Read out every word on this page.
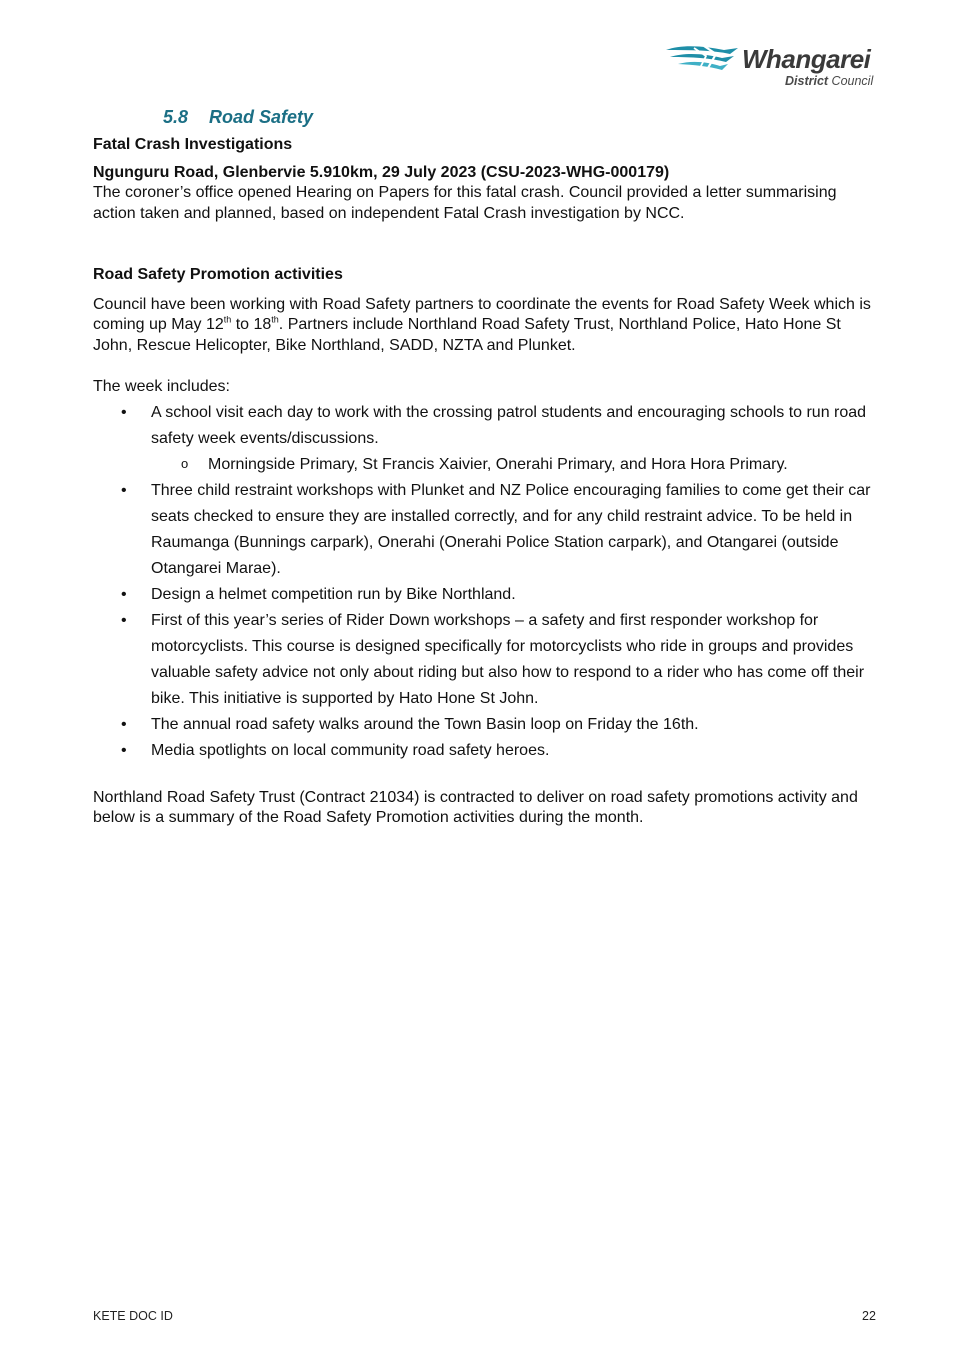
Whangarei
District Council
5.8 Road Safety
Fatal Crash Investigations

Ngunguru Road, Glenbervie 5.910km, 29 July 2023 (CSU-2023-WHG-000179)

The coroner’s office opened Hearing on Papers for this fatal crash. Council provided a letter summarising action taken and planned, based on independent Fatal Crash investigation by NCC.

Road Safety Promotion activities

Council have been working with Road Safety partners to coordinate the events for Road Safety Week which is coming up May 12th to 18th. Partners include Northland Road Safety Trust, Northland Police, Hato Hone St John, Rescue Helicopter, Bike Northland, SADD, NZTA and Plunket.

The week includes:

• A school visit each day to work with the crossing patrol students and encouraging schools to run road safety week events/discussions.
o Morningside Primary, St Francis Xaivier, Onerahi Primary, and Hora Hora Primary.
• Three child restraint workshops with Plunket and NZ Police encouraging families to come get their car seats checked to ensure they are installed correctly, and for any child restraint advice. To be held in Raumanga (Bunnings carpark), Onerahi (Onerahi Police Station carpark), and Otangarei (outside Otangarei Marae).
• Design a helmet competition run by Bike Northland.
• First of this year’s series of Rider Down workshops – a safety and first responder workshop for motorcyclists. This course is designed specifically for motorcyclists who ride in groups and provides valuable safety advice not only about riding but also how to respond to a rider who has come off their bike. This initiative is supported by Hato Hone St John.
• The annual road safety walks around the Town Basin loop on Friday the 16th.
• Media spotlights on local community road safety heroes.

Northland Road Safety Trust (Contract 21034) is contracted to deliver on road safety promotions activity and below is a summary of the Road Safety Promotion activities during the month.

KETE DOC ID	22
